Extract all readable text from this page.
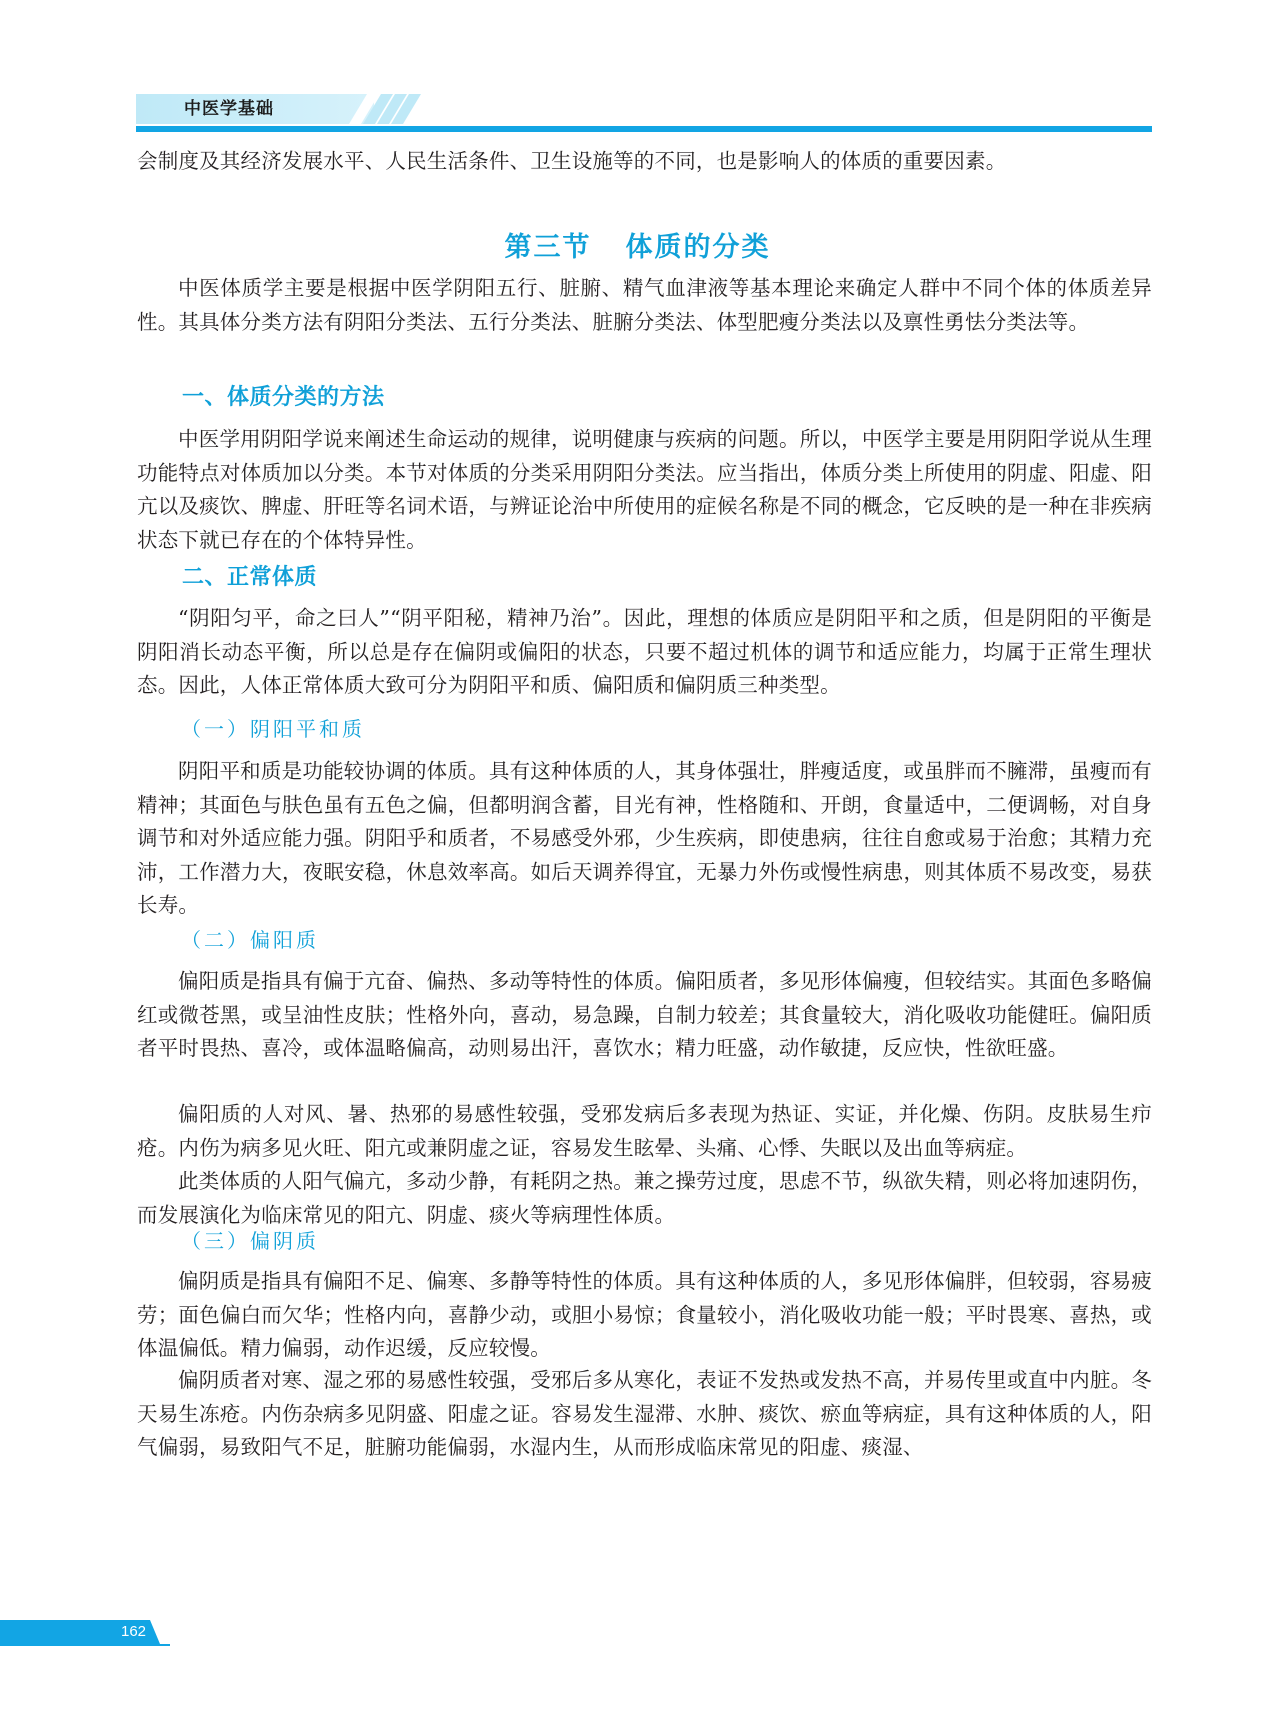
中医学基础

会制度及其经济发展水平、人民生活条件、卫生设施等的不同，也是影响人的体质的重要因素。

第三节 体质的分类

中医体质学主要是根据中医学阴阳五行、脏腑、精气血津液等基本理论来确定人群中不同个体的体质差异性。其具体分类方法有阴阳分类法、五行分类法、脏腑分类法、体型肥瘦分类法以及禀性勇怯分类法等。

一、体质分类的方法

中医学用阴阳学说来阐述生命运动的规律，说明健康与疾病的问题。所以，中医学主要是用阴阳学说从生理功能特点对体质加以分类。本节对体质的分类采用阴阳分类法。应当指出，体质分类上所使用的阴虚、阳虚、阳亢以及痰饮、脾虚、肝旺等名词术语，与辨证论治中所使用的症候名称是不同的概念，它反映的是一种在非疾病状态下就已存在的个体特异性。

二、正常体质

“阴阳匀平，命之曰人”“阴平阳秘，精神乃治”。因此，理想的体质应是阴阳平和之质，但是阴阳的平衡是阴阳消长动态平衡，所以总是存在偏阴或偏阳的状态，只要不超过机体的调节和适应能力，均属于正常生理状态。因此，人体正常体质大致可分为阴阳平和质、偏阳质和偏阴质三种类型。

（一）阴阳平和质

阴阳平和质是功能较协调的体质。具有这种体质的人，其身体强壮，胖瘦适度，或虽胖而不臃滞，虽瘦而有精神；其面色与肤色虽有五色之偏，但都明润含蓄，目光有神，性格随和、开朗，食量适中，二便调畅，对自身调节和对外适应能力强。阴阳乎和质者，不易感受外邪，少生疾病，即使患病，往往自愈或易于治愈；其精力充沛，工作潜力大，夜眠安稳，休息效率高。如后天调养得宜，无暴力外伤或慢性病患，则其体质不易改变，易获长寿。

（二）偏阳质

偏阳质是指具有偏于亢奋、偏热、多动等特性的体质。偏阳质者，多见形体偏瘦，但较结实。其面色多略偏红或微苍黑，或呈油性皮肤；性格外向，喜动，易急躁，自制力较差；其食量较大，消化吸收功能健旺。偏阳质者平时畏热、喜冷，或体温略偏高，动则易出汗，喜饮水；精力旺盛，动作敏捷，反应快，性欲旺盛。

偏阳质的人对风、暑、热邪的易感性较强，受邪发病后多表现为热证、实证，并化燥、伤阴。皮肤易生疖疮。内伤为病多见火旺、阳亢或兼阴虚之证，容易发生眩晕、头痛、心悸、失眠以及出血等病症。

此类体质的人阳气偏亢，多动少静，有耗阴之热。兼之操劳过度，思虑不节，纵欲失精，则必将加速阴伤，而发展演化为临床常见的阳亢、阴虚、痰火等病理性体质。

（三）偏阴质

偏阴质是指具有偏阳不足、偏寒、多静等特性的体质。具有这种体质的人，多见形体偏胖，但较弱，容易疲劳；面色偏白而欠华；性格内向，喜静少动，或胆小易惊；食量较小，消化吸收功能一般；平时畏寒、喜热，或体温偏低。精力偏弱，动作迟缓，反应较慢。

偏阴质者对寒、湿之邪的易感性较强，受邪后多从寒化，表证不发热或发热不高，并易传里或直中内脏。冬天易生冻疮。内伤杂病多见阴盛、阳虚之证。容易发生湿滞、水肿、痰饮、瘀血等病症，具有这种体质的人，阳气偏弱，易致阳气不足，脏腑功能偏弱，水湿内生，从而形成临床常见的阳虚、痰湿、

162
